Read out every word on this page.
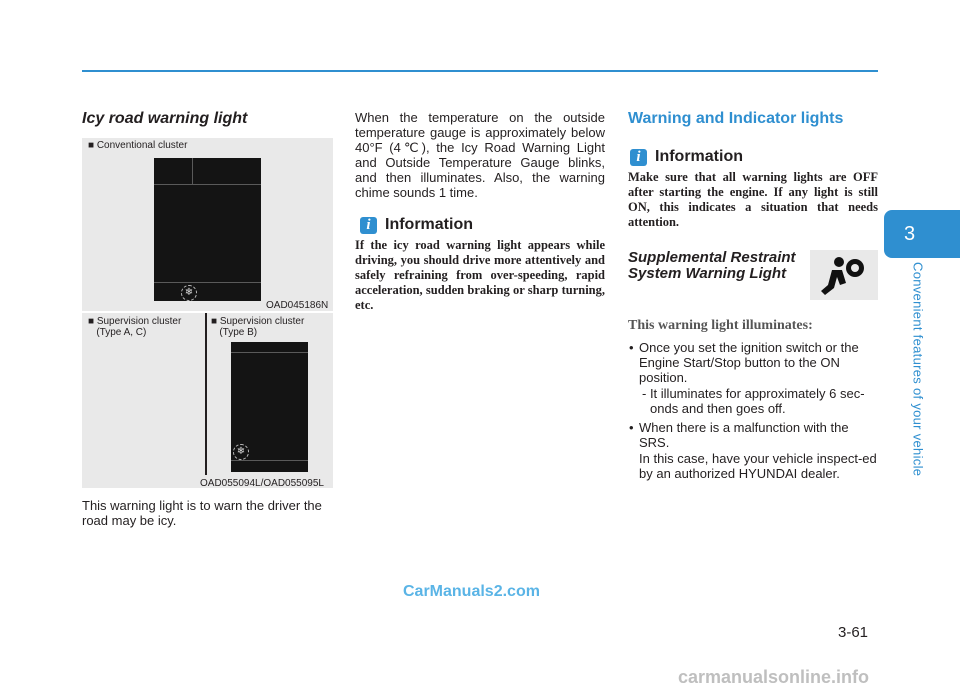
Icy road warning light
■ Conventional cluster
❄
OAD045186N
■ Supervision cluster
(Type A, C)
■ Supervision cluster
(Type B)
❄
OAD055094L/OAD055095L

This warning light is to warn the driver the road may be icy.

When the temperature on the outside temperature gauge is approximately below 40°F (4℃), the Icy Road Warning Light and Outside Temperature Gauge blinks, and then illuminates. Also, the warning chime sounds 1 time.

i Information

If the icy road warning light appears while driving, you should drive more attentively and safely refraining from over-speeding, rapid acceleration, sudden braking or sharp turning, etc.

Warning and Indicator lights
i Information

Make sure that all warning lights are OFF after starting the engine. If any light is still ON, this indicates a situation that needs attention.

Supplemental Restraint System Warning Light
This warning light illuminates:
• Once you set the ignition switch or the Engine Start/Stop button to the ON position.

- It illuminates for approximately 6 sec-onds and then goes off.

• When there is a malfunction with the SRS.

In this case, have your vehicle inspect-ed by an authorized HYUNDAI dealer.

3
Convenient features of your vehicle
3-61
CarManuals2.com
carmanualsonline.info
